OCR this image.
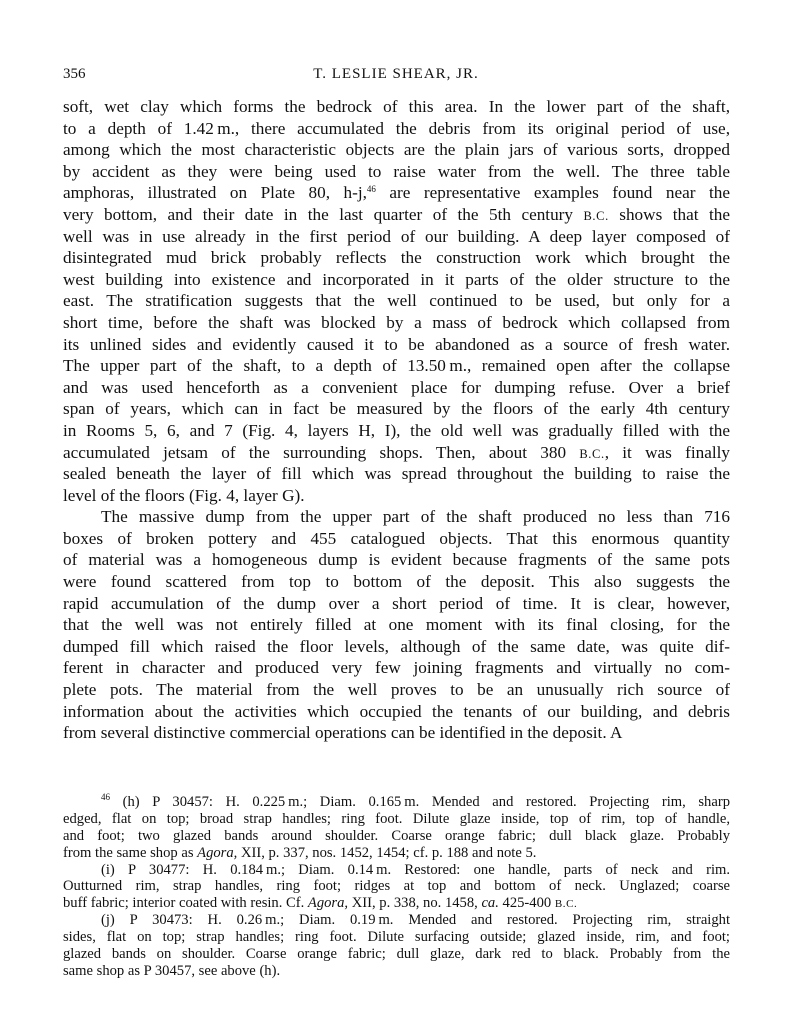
356	T. LESLIE SHEAR, JR.
soft, wet clay which forms the bedrock of this area. In the lower part of the shaft,
to a depth of 1.42 m., there accumulated the debris from its original period of use,
among which the most characteristic objects are the plain jars of various sorts, dropped
by accident as they were being used to raise water from the well. The three table
amphoras, illustrated on Plate 80, h-j,$^{46}$ are representative examples found near the
very bottom, and their date in the last quarter of the 5th century B.C. shows that the
well was in use already in the first period of our building. A deep layer composed of
disintegrated mud brick probably reflects the construction work which brought the
west building into existence and incorporated in it parts of the older structure to the
east. The stratification suggests that the well continued to be used, but only for a
short time, before the shaft was blocked by a mass of bedrock which collapsed from
its unlined sides and evidently caused it to be abandoned as a source of fresh water.
The upper part of the shaft, to a depth of 13.50 m., remained open after the collapse
and was used henceforth as a convenient place for dumping refuse. Over a brief
span of years, which can in fact be measured by the floors of the early 4th century
in Rooms 5, 6, and 7 (Fig. 4, layers H, I), the old well was gradually filled with the
accumulated jetsam of the surrounding shops. Then, about 380 B.C., it was finally
sealed beneath the layer of fill which was spread throughout the building to raise the
level of the floors (Fig. 4, layer G).
The massive dump from the upper part of the shaft produced no less than 716
boxes of broken pottery and 455 catalogued objects. That this enormous quantity
of material was a homogeneous dump is evident because fragments of the same pots
were found scattered from top to bottom of the deposit. This also suggests the
rapid accumulation of the dump over a short period of time. It is clear, however,
that the well was not entirely filled at one moment with its final closing, for the
dumped fill which raised the floor levels, although of the same date, was quite dif-
ferent in character and produced very few joining fragments and virtually no com-
plete pots. The material from the well proves to be an unusually rich source of
information about the activities which occupied the tenants of our building, and debris
from several distinctive commercial operations can be identified in the deposit. A
$^{46}$ (h) P 30457: H. 0.225 m.; Diam. 0.165 m. Mended and restored. Projecting rim, sharp
edged, flat on top; broad strap handles; ring foot. Dilute glaze inside, top of rim, top of handle,
and foot; two glazed bands around shoulder. Coarse orange fabric; dull black glaze. Probably
from the same shop as Agora, XII, p. 337, nos. 1452, 1454; cf. p. 188 and note 5.
(i) P 30477: H. 0.184 m.; Diam. 0.14 m. Restored: one handle, parts of neck and rim.
Outturned rim, strap handles, ring foot; ridges at top and bottom of neck. Unglazed; coarse
buff fabric; interior coated with resin. Cf. Agora, XII, p. 338, no. 1458, ca. 425-400 B.C.
(j) P 30473: H. 0.26 m.; Diam. 0.19 m. Mended and restored. Projecting rim, straight
sides, flat on top; strap handles; ring foot. Dilute surfacing outside; glazed inside, rim, and foot;
glazed bands on shoulder. Coarse orange fabric; dull glaze, dark red to black. Probably from the
same shop as P 30457, see above (h).
